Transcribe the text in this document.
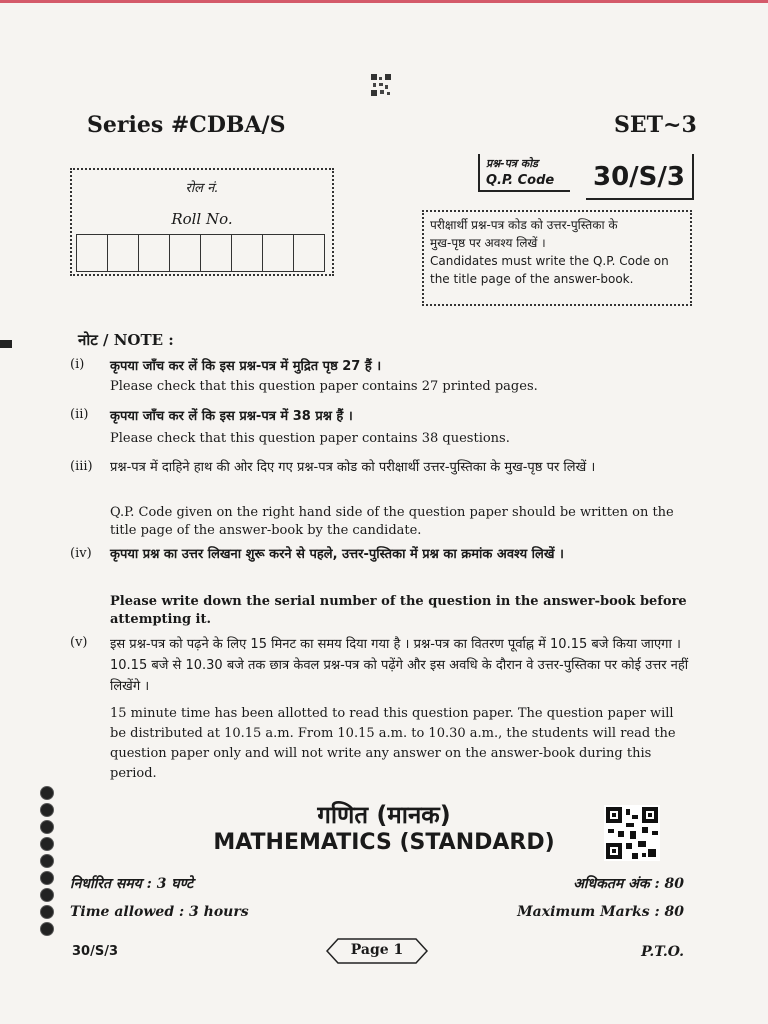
Series #CDBA/S	SET~3
रोल नं.
Roll No.
प्रश्न-पत्र कोड
Q.P. Code	30/S/3
परीक्षार्थी प्रश्न-पत्र कोड को उत्तर-पुस्तिका के
मुख-पृष्ठ पर अवश्य लिखें ।
Candidates must write the Q.P. Code on
the title page of the answer-book.
नोट / NOTE :
(i) कृपया जाँच कर लें कि इस प्रश्न-पत्र में मुद्रित पृष्ठ 27 हैं ।
Please check that this question paper contains 27 printed pages.
(ii) कृपया जाँच कर लें कि इस प्रश्न-पत्र में 38 प्रश्न हैं ।
Please check that this question paper contains 38 questions.
(iii) प्रश्न-पत्र में दाहिने हाथ की ओर दिए गए प्रश्न-पत्र कोड को परीक्षार्थी उत्तर-पुस्तिका के मुख-पृष्ठ पर लिखें ।
Q.P. Code given on the right hand side of the question paper should be written on the title page of the answer-book by the candidate.
(iv) कृपया प्रश्न का उत्तर लिखना शुरू करने से पहले, उत्तर-पुस्तिका में प्रश्न का क्रमांक अवश्य लिखें ।
Please write down the serial number of the question in the answer-book before attempting it.
(v) इस प्रश्न-पत्र को पढ़ने के लिए 15 मिनट का समय दिया गया है । प्रश्न-पत्र का वितरण पूर्वाह्न में 10.15 बजे किया जाएगा । 10.15 बजे से 10.30 बजे तक छात्र केवल प्रश्न-पत्र को पढ़ेंगे और इस अवधि के दौरान वे उत्तर-पुस्तिका पर कोई उत्तर नहीं लिखेंगे ।
15 minute time has been allotted to read this question paper. The question paper will be distributed at 10.15 a.m. From 10.15 a.m. to 10.30 a.m., the students will read the question paper only and will not write any answer on the answer-book during this period.
गणित (मानक)
MATHEMATICS (STANDARD)
निर्धारित समय : 3 घण्टे
Time allowed : 3 hours
अधिकतम अंक : 80
Maximum Marks : 80
30/S/3	Page 1	P.T.O.
